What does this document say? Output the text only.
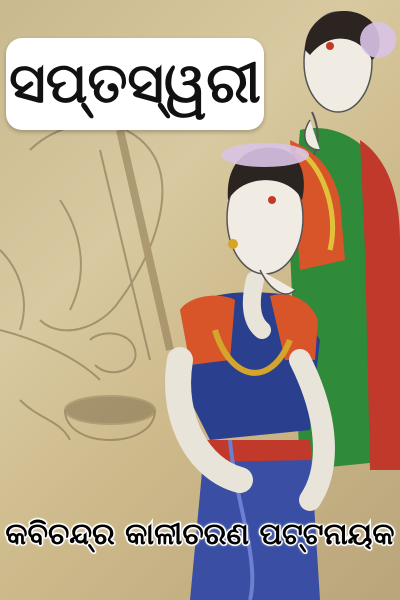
ସପ୍ତସ୍ୱରୀ
କବିଚନ୍ଦ୍ର କାଳୀଚରଣ ପଟ୍ଟନାୟକ
